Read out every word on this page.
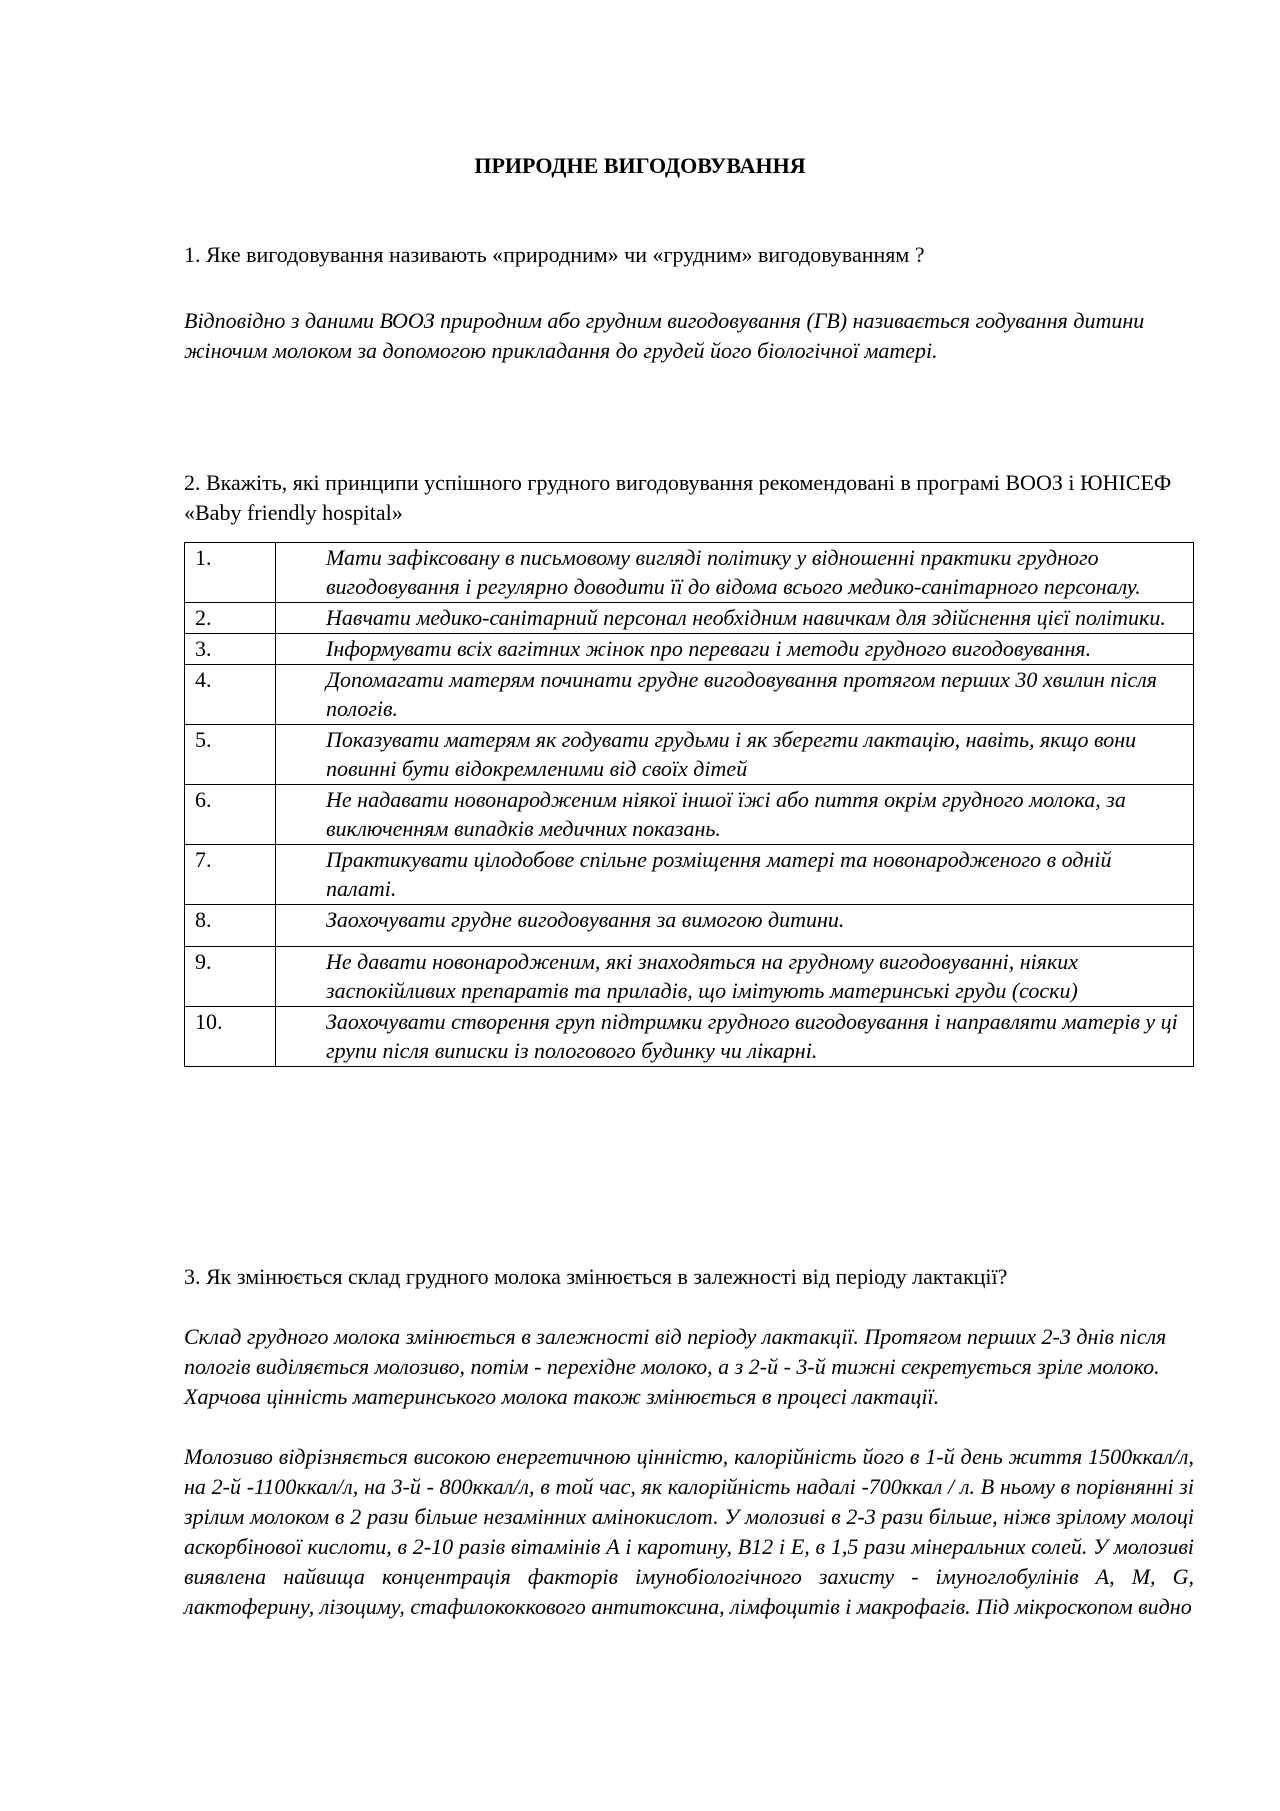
ПРИРОДНЕ ВИГОДОВУВАННЯ
1. Яке вигодовування називають «природним» чи «грудним» вигодовуванням ?
Відповідно з даними ВООЗ природним або грудним вигодовування (ГВ) називається годування дитини жіночим молоком за допомогою прикладання до грудей його біологічної матері.
2. Вкажіть, які принципи успішного грудного вигодовування рекомендовані в програмі ВООЗ і ЮНІСЕФ «Baby friendly hospital»
1.	Мати зафіксовану в письмовому вигляді політику у відношенні практики грудного вигодовування і регулярно доводити її до відома всього медико-санітарного персоналу.
2.	Навчати медико-санітарний персонал необхідним навичкам для здійснення цієї політики.
3.	Інформувати всіх вагітних жінок про переваги і методи грудного вигодовування.
4.	Допомагати матерям починати грудне вигодовування протягом перших 30 хвилин після пологів.
5.	Показувати матерям як годувати грудьми і як зберегти лактацію, навіть, якщо вони повинні бути відокремленими від своїх дітей
6.	Не надавати новонародженим ніякої іншої їжі або пиття окрім грудного молока, за виключенням випадків медичних показань.
7.	Практикувати цілодобове спільне розміщення матері та новонародженого в одній палаті.
8.	Заохочувати грудне вигодовування за вимогою дитини.
9.	Не давати новонародженим, які знаходяться на грудному вигодовуванні, ніяких заспокійливих препаратів та приладів, що імітують материнські груди (соски)
10.	Заохочувати створення груп підтримки грудного вигодовування і направляти матерів у ці групи після виписки із пологового будинку чи лікарні.
3. Як змінюється склад грудного молока змінюється в залежності від періоду лактакції?
Склад грудного молока змінюється в залежності від періоду лактакції. Протягом перших 2-3 днів після пологів виділяється молозиво, потім - перехідне молоко, а з 2-й - 3-й тижні секретується зріле молоко. Харчова цінність материнського молока також змінюється в процесі лактації.
Молозиво відрізняється високою енергетичною цінністю, калорійність його в 1-й день життя 1500ккал/л, на 2-й -1100ккал/л, на 3-й - 800ккал/л, в той час, як калорійність надалі -700ккал / л. В ньому в порівнянні зі зрілим молоком в 2 рази більше незамінних амінокислот. У молозиві в 2-3 рази більше, ніжв зрілому молоці аскорбінової кислоти, в 2-10 разів вітамінів А і каротину, В12 і Е, в 1,5 рази мінеральних солей. У молозиві виявлена найвища концентрація факторів імунобіологічного захисту - імуноглобулінів А, М, G, лактоферину, лізоциму, стафилококкового антитоксина, лімфоцитів і макрофагів. Під мікроскопом видно
